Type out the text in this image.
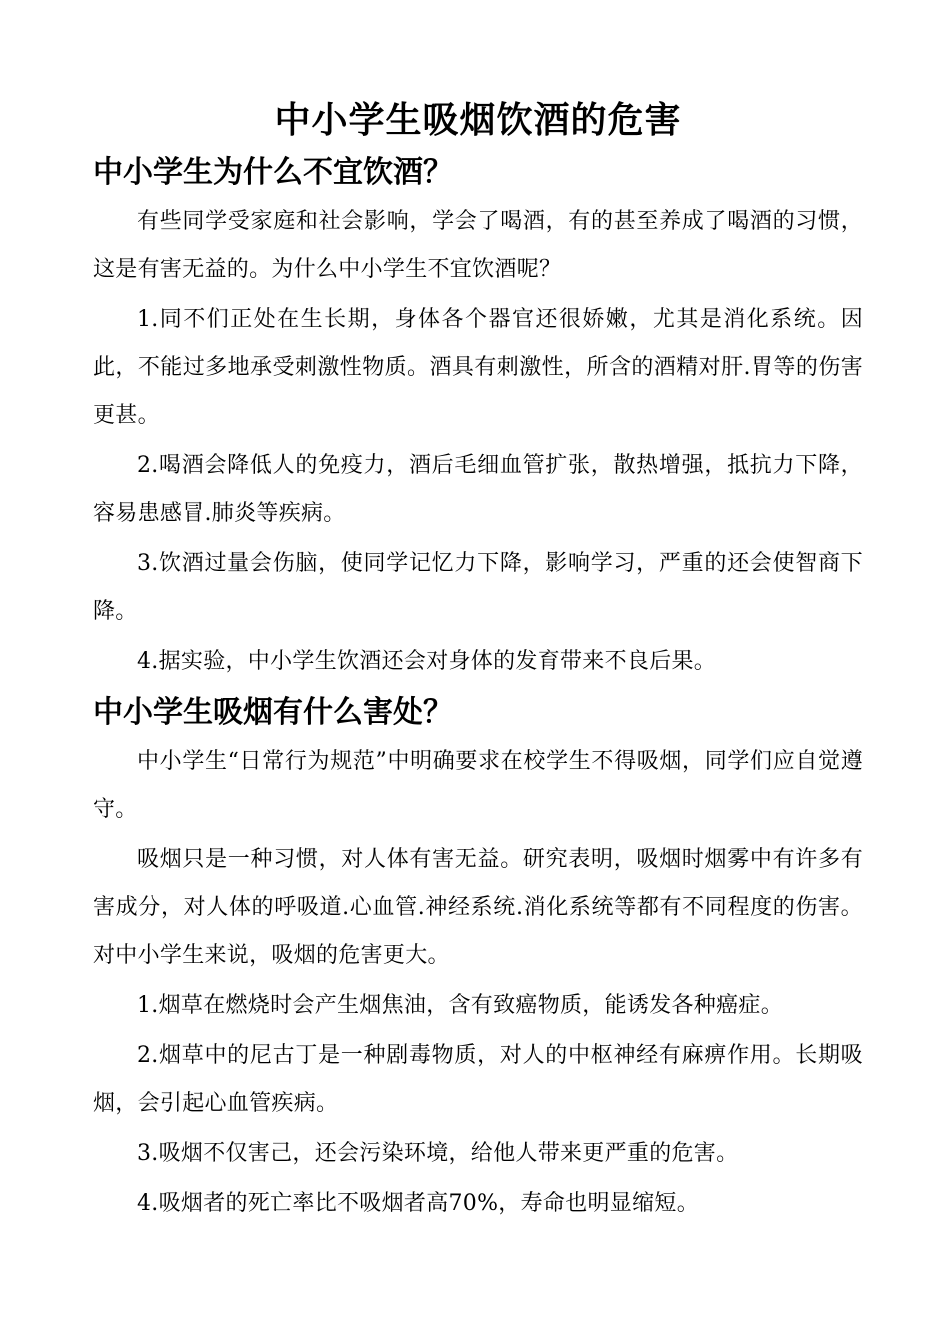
中小学生吸烟饮酒的危害
中小学生为什么不宜饮酒？

有些同学受家庭和社会影响，学会了喝酒，有的甚至养成了喝酒的习惯，这是有害无益的。为什么中小学生不宜饮酒呢？

1.同不们正处在生长期，身体各个器官还很娇嫩，尤其是消化系统。因此，不能过多地承受刺激性物质。酒具有刺激性，所含的酒精对肝.胃等的伤害更甚。

2.喝酒会降低人的免疫力，酒后毛细血管扩张，散热增强，抵抗力下降，容易患感冒.肺炎等疾病。

3.饮酒过量会伤脑，使同学记忆力下降，影响学习，严重的还会使智商下降。

4.据实验，中小学生饮酒还会对身体的发育带来不良后果。

中小学生吸烟有什么害处？

中小学生“日常行为规范”中明确要求在校学生不得吸烟，同学们应自觉遵守。

吸烟只是一种习惯，对人体有害无益。研究表明，吸烟时烟雾中有许多有害成分，对人体的呼吸道.心血管.神经系统.消化系统等都有不同程度的伤害。对中小学生来说，吸烟的危害更大。

1.烟草在燃烧时会产生烟焦油，含有致癌物质，能诱发各种癌症。

2.烟草中的尼古丁是一种剧毒物质，对人的中枢神经有麻痹作用。长期吸烟，会引起心血管疾病。

3.吸烟不仅害己，还会污染环境，给他人带来更严重的危害。

4.吸烟者的死亡率比不吸烟者高70%，寿命也明显缩短。
